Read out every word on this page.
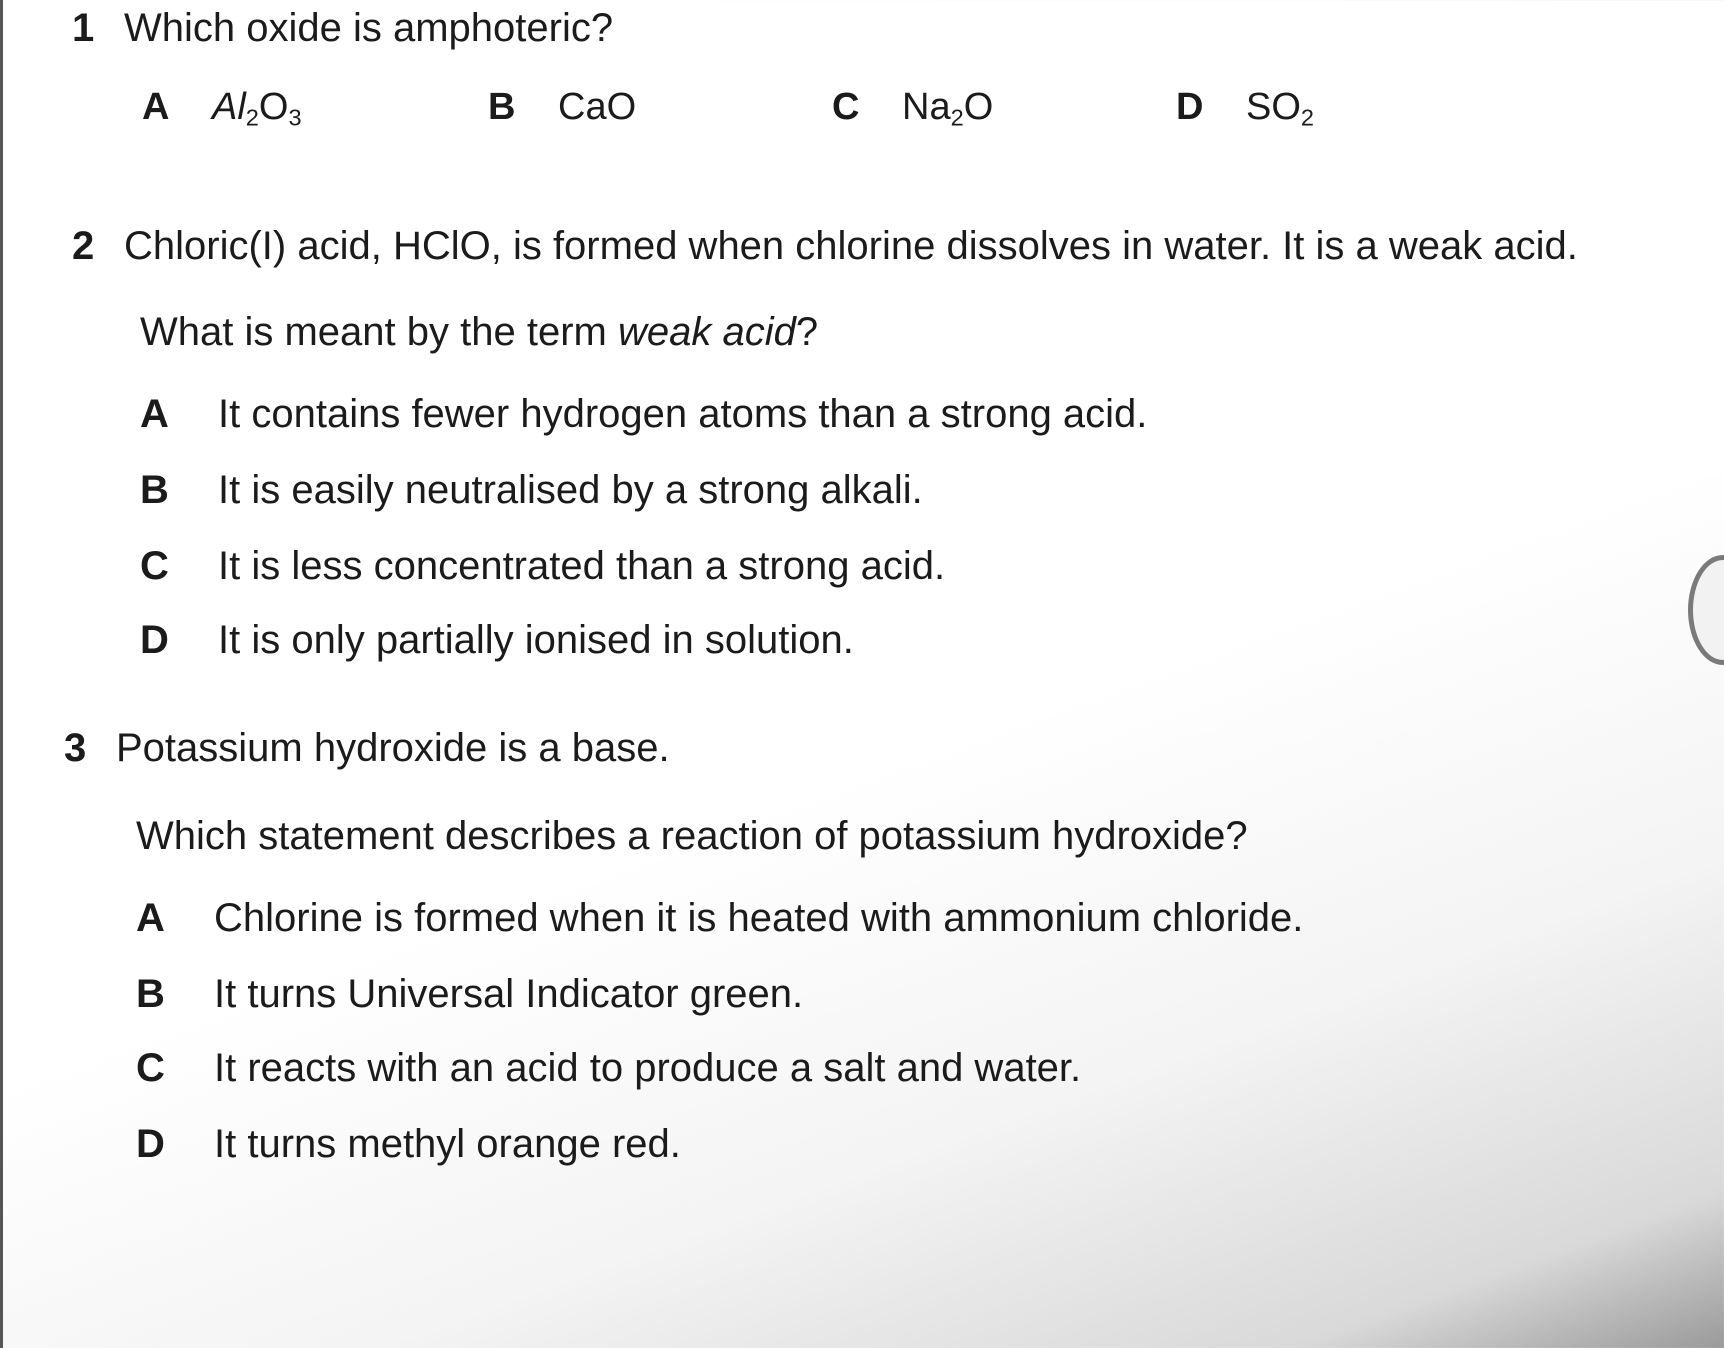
1 Which oxide is amphoteric?
A $Al_2O_3$	B CaO	C $Na_2O$	D $SO_2$
2 Chloric(I) acid, HClO, is formed when chlorine dissolves in water. It is a weak acid.
What is meant by the term weak acid?
A It contains fewer hydrogen atoms than a strong acid.
B It is easily neutralised by a strong alkali.
C It is less concentrated than a strong acid.
D It is only partially ionised in solution.
3 Potassium hydroxide is a base.
Which statement describes a reaction of potassium hydroxide?
A Chlorine is formed when it is heated with ammonium chloride.
B It turns Universal Indicator green.
C It reacts with an acid to produce a salt and water.
D It turns methyl orange red.
